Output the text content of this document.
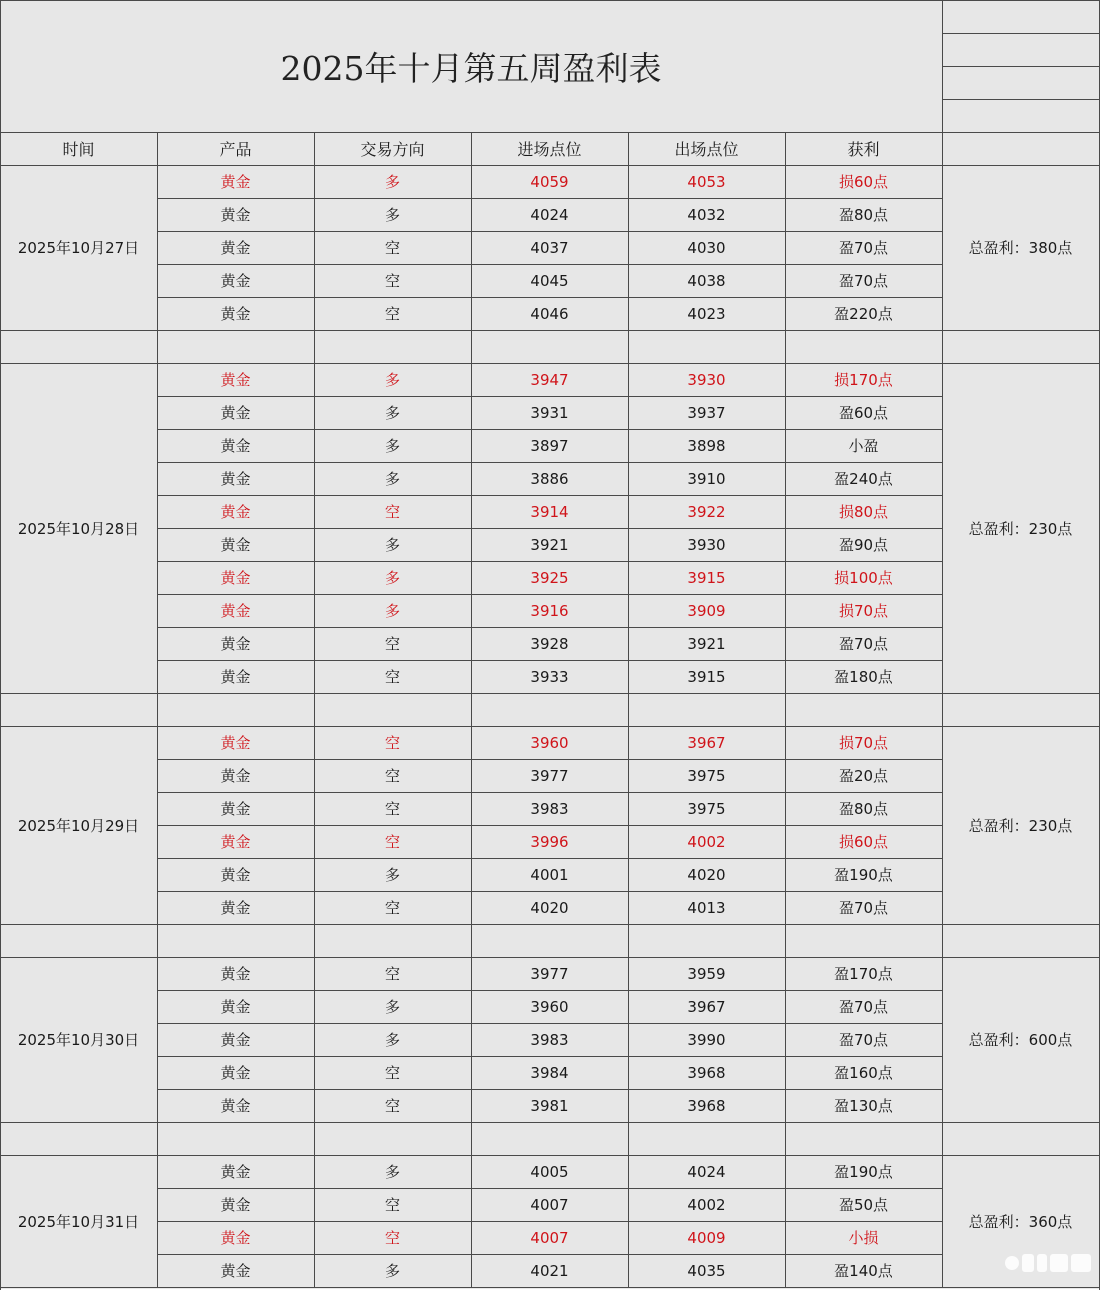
2025年十月第五周盈利表
时间	产品	交易方向	进场点位	出场点位	获利
2025年10月27日	总盈利：380点
黄金	多	4059	4053	损60点
黄金	多	4024	4032	盈80点
黄金	空	4037	4030	盈70点
黄金	空	4045	4038	盈70点
黄金	空	4046	4023	盈220点
2025年10月28日	总盈利：230点
黄金	多	3947	3930	损170点
黄金	多	3931	3937	盈60点
黄金	多	3897	3898	小盈
黄金	多	3886	3910	盈240点
黄金	空	3914	3922	损80点
黄金	多	3921	3930	盈90点
黄金	多	3925	3915	损100点
黄金	多	3916	3909	损70点
黄金	空	3928	3921	盈70点
黄金	空	3933	3915	盈180点
2025年10月29日	总盈利：230点
黄金	空	3960	3967	损70点
黄金	空	3977	3975	盈20点
黄金	空	3983	3975	盈80点
黄金	空	3996	4002	损60点
黄金	多	4001	4020	盈190点
黄金	空	4020	4013	盈70点
2025年10月30日	总盈利：600点
黄金	空	3977	3959	盈170点
黄金	多	3960	3967	盈70点
黄金	多	3983	3990	盈70点
黄金	空	3984	3968	盈160点
黄金	空	3981	3968	盈130点
2025年10月31日	总盈利：360点
黄金	多	4005	4024	盈190点
黄金	空	4007	4002	盈50点
黄金	空	4007	4009	小损
黄金	多	4021	4035	盈140点
